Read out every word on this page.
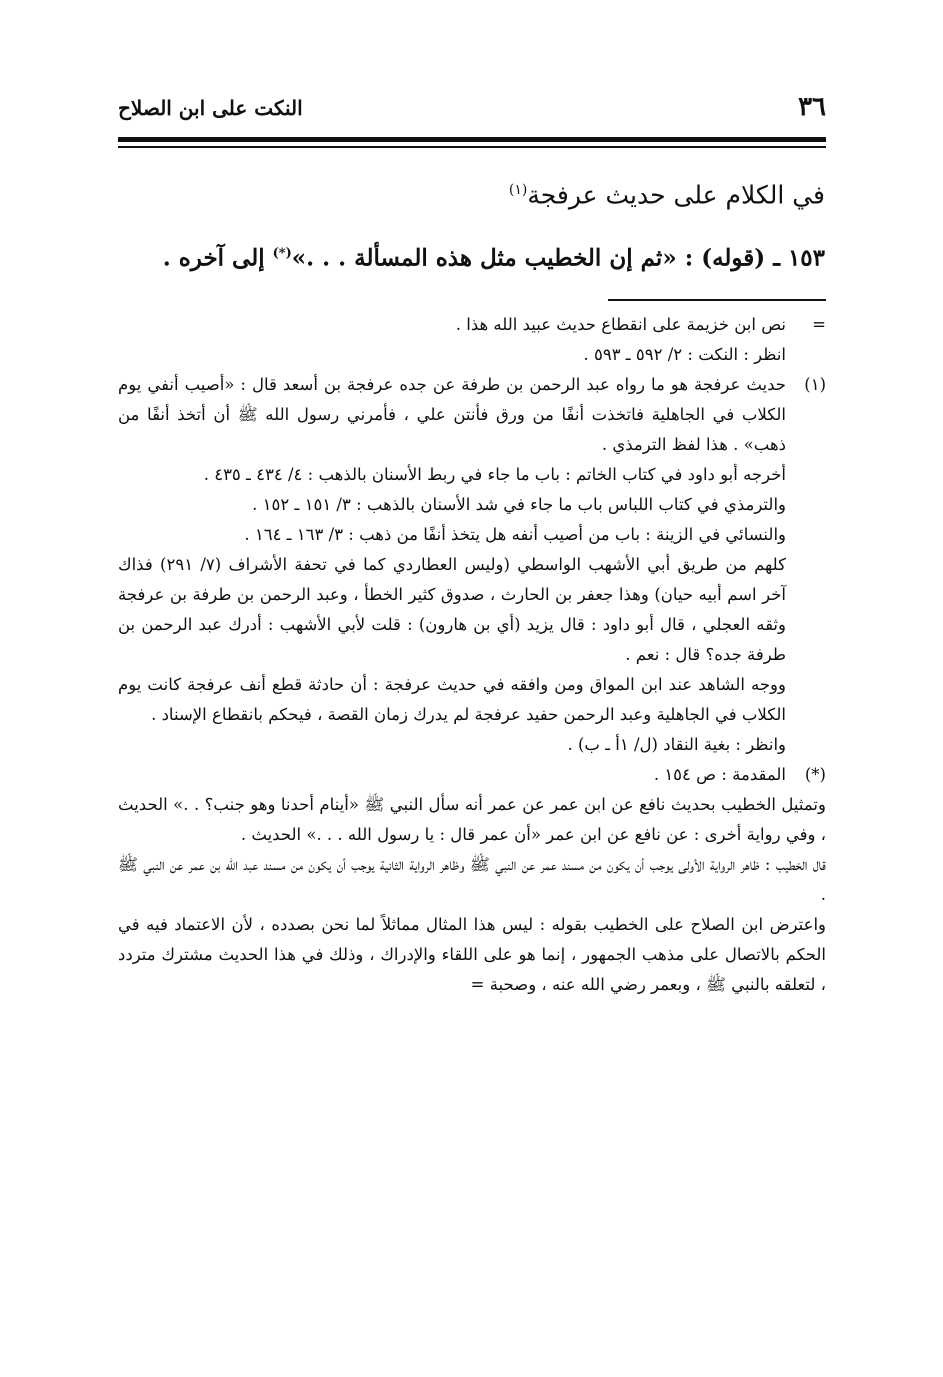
٣٦
النكت على ابن الصلاح
في الكلام على حديث عرفجة$^{(١)}$
١٥٣ ـ (قوله) : «ثم إن الخطيب مثل هذه المسألة . . .»(*) إلى آخره .
=

نص ابن خزيمة على انقطاع حديث عبيد الله هذا .

انظر : النكت : ٢/ ٥٩٢ ـ ٥٩٣ .

(١)

حديث عرفجة هو ما رواه عبد الرحمن بن طرفة عن جده عرفجة بن أسعد قال : «أصيب أنفي يوم الكلاب في الجاهلية فاتخذت أنفًا من ورق فأنتن علي ، فأمرني رسول الله ﷺ أن أتخذ أنفًا من ذهب» . هذا لفظ الترمذي .

أخرجه أبو داود في كتاب الخاتم : باب ما جاء في ربط الأسنان بالذهب : ٤/ ٤٣٤ ـ ٤٣٥ .

والترمذي في كتاب اللباس باب ما جاء في شد الأسنان بالذهب : ٣/ ١٥١ ـ ١٥٢ .

والنسائي في الزينة : باب من أصيب أنفه هل يتخذ أنفًا من ذهب : ٣/ ١٦٣ ـ ١٦٤ .

كلهم من طريق أبي الأشهب الواسطي (وليس العطاردي كما في تحفة الأشراف (٧/ ٢٩١) فذاك آخر اسم أبيه حيان) وهذا جعفر بن الحارث ، صدوق كثير الخطأ ، وعبد الرحمن بن طرفة بن عرفجة وثقه العجلي ، قال أبو داود : قال يزيد (أي بن هارون) : قلت لأبي الأشهب : أدرك عبد الرحمن بن طرفة جده؟ قال : نعم .

ووجه الشاهد عند ابن المواق ومن وافقه في حديث عرفجة : أن حادثة قطع أنف عرفجة كانت يوم الكلاب في الجاهلية وعبد الرحمن حفيد عرفجة لم يدرك زمان القصة ، فيحكم بانقطاع الإسناد .

وانظر : بغية النقاد (ل/ ١أ ـ ب) .

(*)

المقدمة : ص ١٥٤ .

وتمثيل الخطيب بحديث نافع عن ابن عمر عن عمر أنه سأل النبي ﷺ «أينام أحدنا وهو جنب؟ . .» الحديث ، وفي رواية أخرى : عن نافع عن ابن عمر «أن عمر قال : يا رسول الله . . .» الحديث .

قال الخطيب : ظاهر الرواية الأولى يوجب أن يكون من مسند عمر عن النبي ﷺ وظاهر الرواية الثانية يوجب أن يكون من مسند عبد الله بن عمر عن النبي ﷺ .

واعترض ابن الصلاح على الخطيب بقوله : ليس هذا المثال مماثلاً لما نحن بصدده ، لأن الاعتماد فيه في الحكم بالاتصال على مذهب الجمهور ، إنما هو على اللقاء والإدراك ، وذلك في هذا الحديث مشترك متردد ، لتعلقه بالنبي ﷺ ، وبعمر رضي الله عنه ، وصحبة =
